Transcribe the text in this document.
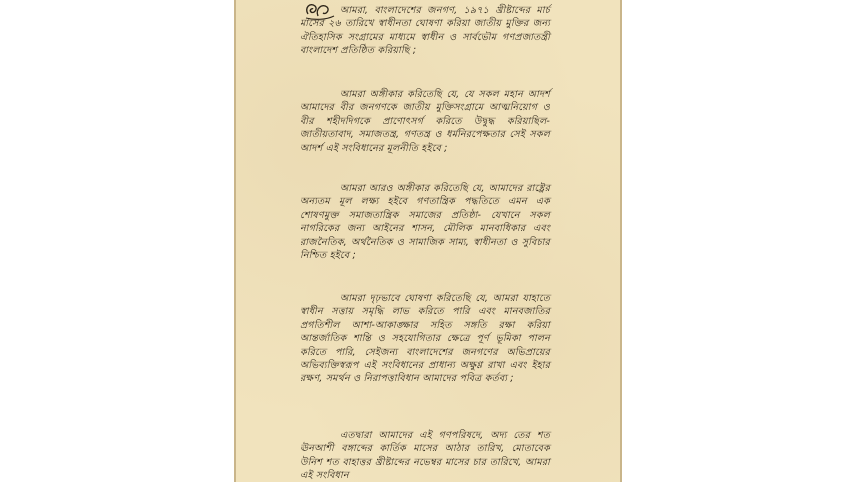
আমরা, বাংলাদেশের জনগণ, ১৯৭১ খ্রীষ্টাব্দের মার্চ মাসের ২৬ তারিখে স্বাধীনতা ঘোষণা করিয়া জাতীয় মুক্তির জন্য ঐতিহাসিক সংগ্রামের মাধ্যমে স্বাধীন ও সার্বভৌম গণপ্রজাতন্ত্রী বাংলাদেশ প্রতিষ্ঠিত করিয়াছি ;

আমরা অঙ্গীকার করিতেছি যে, যে সকল মহান আদর্শ আমাদের বীর জনগণকে জাতীয় মুক্তিসংগ্রামে আত্মনিয়োগ ও বীর শহীদদিগকে প্রাণোৎসর্গ করিতে উদ্বুদ্ধ করিয়াছিল- জাতীয়তাবাদ, সমাজতন্ত্র, গণতন্ত্র ও ধর্মনিরপেক্ষতার সেই সকল আদর্শ এই সংবিধানের মূলনীতি হইবে ;

আমরা আরও অঙ্গীকার করিতেছি যে, আমাদের রাষ্ট্রের অন্যতম মূল লক্ষ্য হইবে গণতান্ত্রিক পদ্ধতিতে এমন এক শোষণমুক্ত সমাজতান্ত্রিক সমাজের প্রতিষ্ঠা- যেখানে সকল নাগরিকের জন্য আইনের শাসন, মৌলিক মানবাধিকার এবং রাজনৈতিক, অর্থনৈতিক ও সামাজিক সাম্য, স্বাধীনতা ও সুবিচার নিশ্চিত হইবে ;

আমরা দৃঢ়ভাবে ঘোষণা করিতেছি যে, আমরা যাহাতে স্বাধীন সত্তায় সমৃদ্ধি লাভ করিতে পারি এবং মানবজাতির প্রগতিশীল আশা-আকাঙ্ক্ষার সহিত সঙ্গতি রক্ষা করিয়া আন্তর্জাতিক শান্তি ও সহযোগিতার ক্ষেত্রে পূর্ণ ভূমিকা পালন করিতে পারি, সেইজন্য বাংলাদেশের জনগণের অভিপ্রায়ের অভিব্যক্তিস্বরূপ এই সংবিধানের প্রাধান্য অক্ষুণ্ণ রাখা এবং ইহার রক্ষণ, সমর্থন ও নিরাপত্তাবিধান আমাদের পবিত্র কর্তব্য ;

এতদ্বারা আমাদের এই গণপরিষদে, অদ্য তের শত ঊনআশী বঙ্গাব্দের কার্তিক মাসের আঠার তারিখ, মোতাবেক উনিশ শত বাহাত্তর খ্রীষ্টাব্দের নভেম্বর মাসের চার তারিখে, আমরা এই সংবিধান
